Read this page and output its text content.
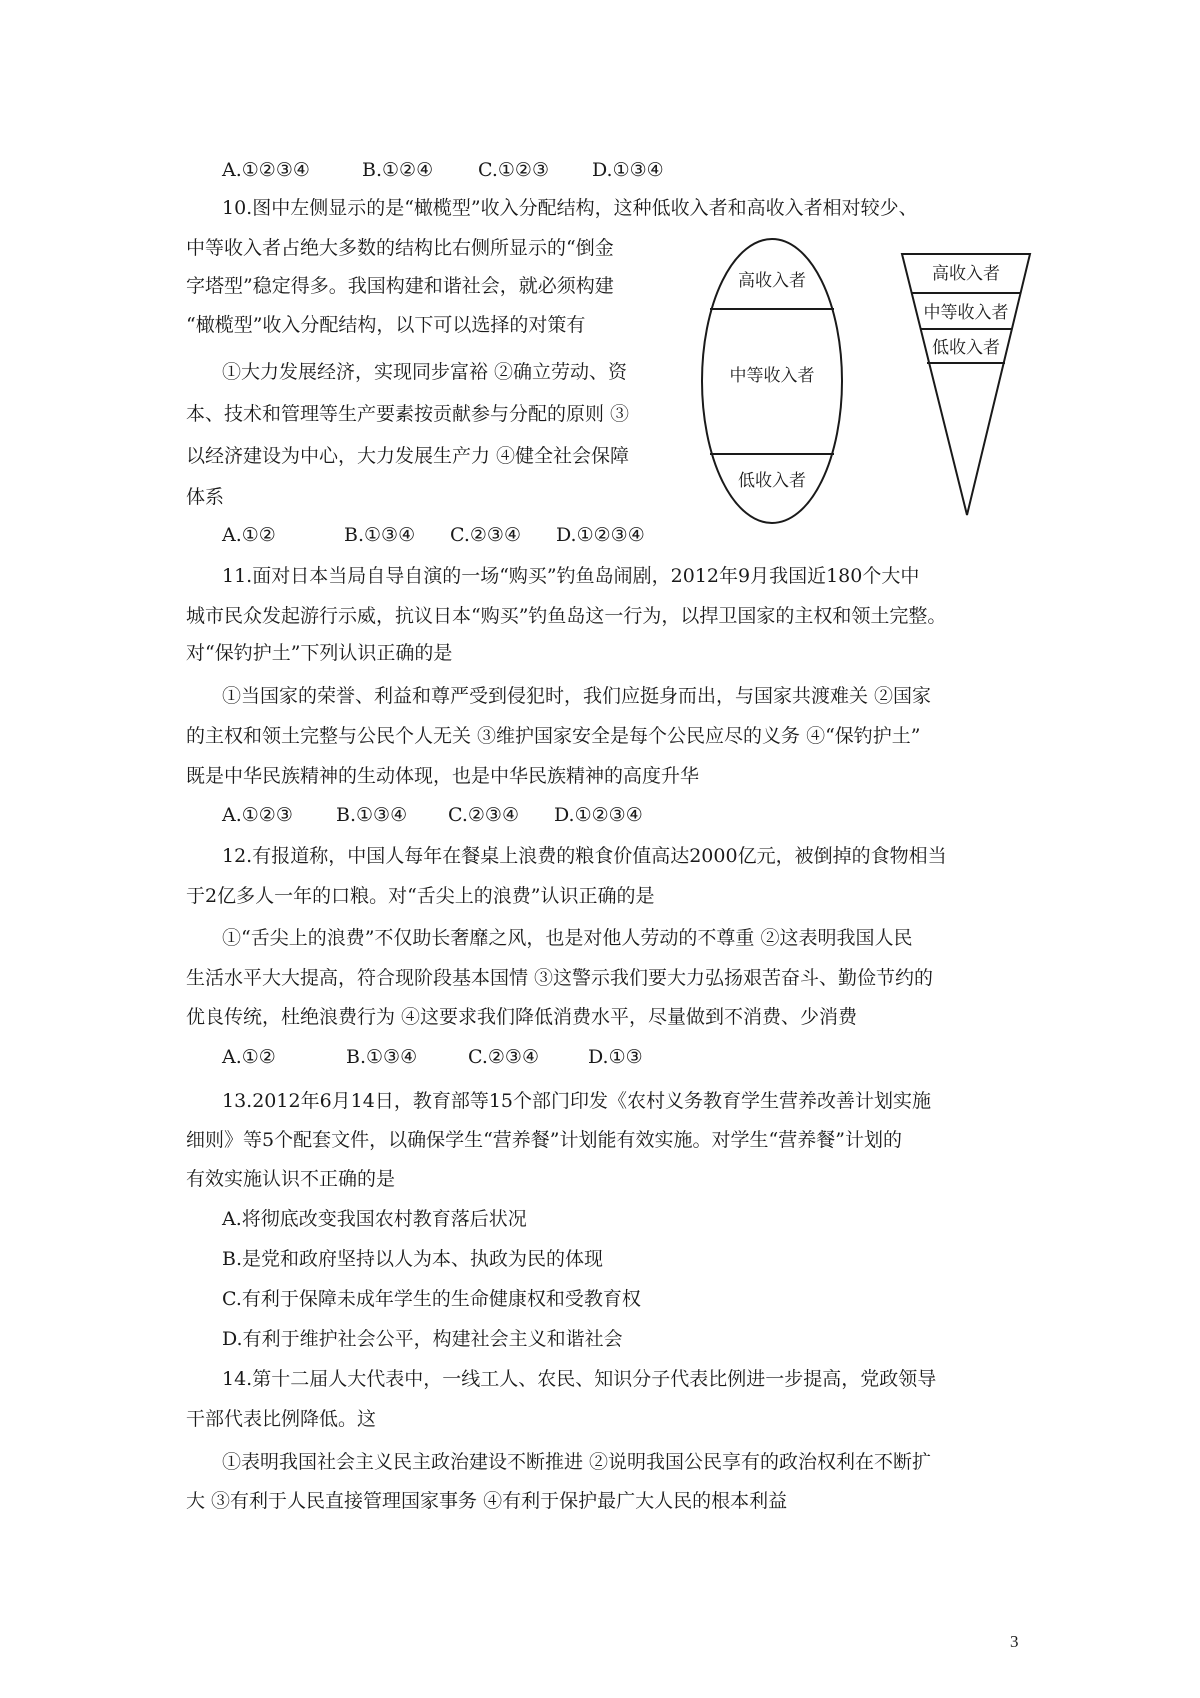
A.①②③④	B.①②④ C.①②③ D.①③④
10.图中左侧显示的是“橄榄型”收入分配结构，这种低收入者和高收入者相对较少、
中等收入者占绝大多数的结构比右侧所显示的“倒金
字塔型”稳定得多。我国构建和谐社会，就必须构建
“橄榄型”收入分配结构，以下可以选择的对策有
①大力发展经济，实现同步富裕 ②确立劳动、资
本、技术和管理等生产要素按贡献参与分配的原则 ③
以经济建设为中心，大力发展生产力 ④健全社会保障
体系
高收入者
中等收入者
低收入者
高收入者
中等收入者
低收入者
A.①②	B.①③④ C.②③④ D.①②③④
11.面对日本当局自导自演的一场“购买”钓鱼岛闹剧，2012年9月我国近180个大中
城市民众发起游行示威，抗议日本“购买”钓鱼岛这一行为，以捍卫国家的主权和领土完整。
对“保钓护土”下列认识正确的是
①当国家的荣誉、利益和尊严受到侵犯时，我们应挺身而出，与国家共渡难关 ②国家
的主权和领土完整与公民个人无关 ③维护国家安全是每个公民应尽的义务 ④“保钓护土”
既是中华民族精神的生动体现，也是中华民族精神的高度升华
A.①②③ B.①③④ C.②③④ D.①②③④
12.有报道称，中国人每年在餐桌上浪费的粮食价值高达2000亿元，被倒掉的食物相当
于2亿多人一年的口粮。对“舌尖上的浪费”认识正确的是
①“舌尖上的浪费”不仅助长奢靡之风，也是对他人劳动的不尊重 ②这表明我国人民
生活水平大大提高，符合现阶段基本国情 ③这警示我们要大力弘扬艰苦奋斗、勤俭节约的
优良传统，杜绝浪费行为 ④这要求我们降低消费水平，尽量做到不消费、少消费
A.①②	B.①③④	C.②③④	D.①③
13.2012年6月14日，教育部等15个部门印发《农村义务教育学生营养改善计划实施
细则》等5个配套文件，以确保学生“营养餐”计划能有效实施。对学生“营养餐”计划的
有效实施认识不正确的是
A.将彻底改变我国农村教育落后状况
B.是党和政府坚持以人为本、执政为民的体现
C.有利于保障未成年学生的生命健康权和受教育权
D.有利于维护社会公平，构建社会主义和谐社会
14.第十二届人大代表中，一线工人、农民、知识分子代表比例进一步提高，党政领导
干部代表比例降低。这
①表明我国社会主义民主政治建设不断推进 ②说明我国公民享有的政治权利在不断扩
大 ③有利于人民直接管理国家事务 ④有利于保护最广大人民的根本利益
3
